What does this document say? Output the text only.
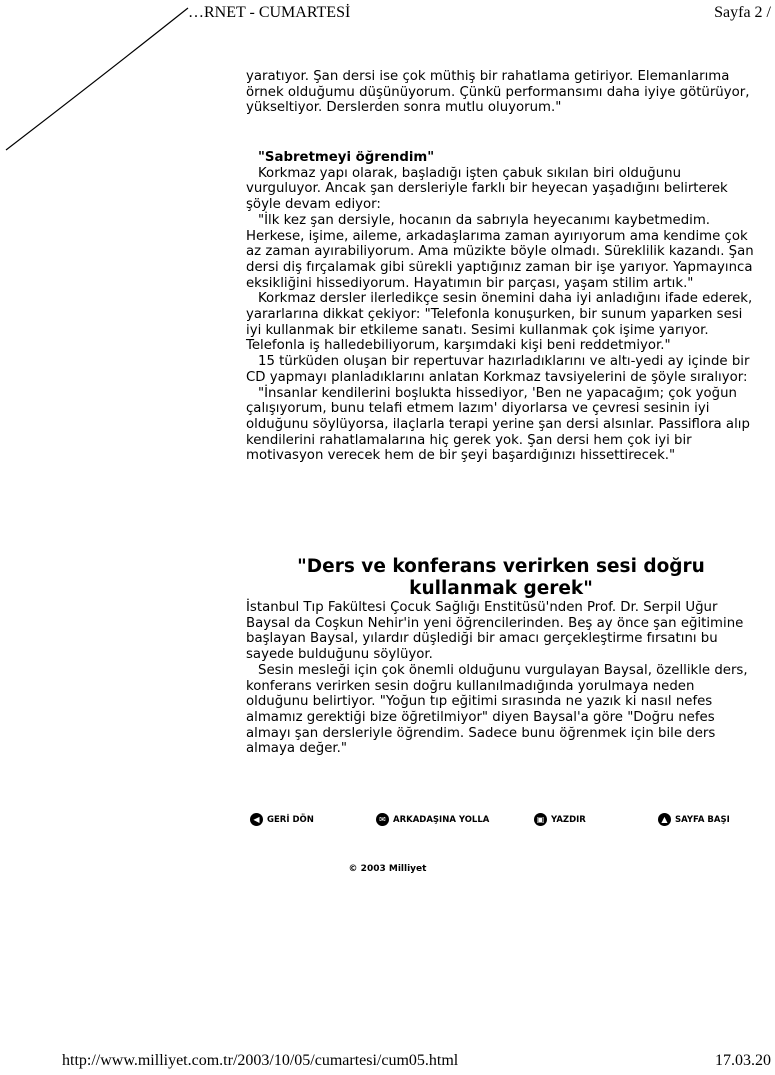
…RNET - CUMARTESİ	Sayfa 2 /

yaratıyor. Şan dersi ise çok müthiş bir rahatlama getiriyor. Elemanlarıma örnek olduğumu düşünüyorum. Çünkü performansımı daha iyiye götürüyor, yükseltiyor. Derslerden sonra mutlu oluyorum."

"Sabretmeyi öğrendim"

Korkmaz yapı olarak, başladığı işten çabuk sıkılan biri olduğunu vurguluyor. Ancak şan dersleriyle farklı bir heyecan yaşadığını belirterek şöyle devam ediyor:

"İlk kez şan dersiyle, hocanın da sabrıyla heyecanımı kaybetmedim. Herkese, işime, aileme, arkadaşlarıma zaman ayırıyorum ama kendime çok az zaman ayırabiliyorum. Ama müzikte böyle olmadı. Süreklilik kazandı. Şan dersi diş fırçalamak gibi sürekli yaptığınız zaman bir işe yarıyor. Yapmayınca eksikliğini hissediyorum. Hayatımın bir parçası, yaşam stilim artık."

Korkmaz dersler ilerledikçe sesin önemini daha iyi anladığını ifade ederek, yararlarına dikkat çekiyor: "Telefonla konuşurken, bir sunum yaparken sesi iyi kullanmak bir etkileme sanatı. Sesimi kullanmak çok işime yarıyor. Telefonla iş halledebiliyorum, karşımdaki kişi beni reddetmiyor."

15 türküden oluşan bir repertuvar hazırladıklarını ve altı-yedi ay içinde bir CD yapmayı planladıklarını anlatan Korkmaz tavsiyelerini de şöyle sıralıyor:

"İnsanlar kendilerini boşlukta hissediyor, 'Ben ne yapacağım; çok yoğun çalışıyorum, bunu telafi etmem lazım' diyorlarsa ve çevresi sesinin iyi olduğunu söylüyorsa, ilaçlarla terapi yerine şan dersi alsınlar. Passiflora alıp kendilerini rahatlamalarına hiç gerek yok. Şan dersi hem çok iyi bir motivasyon verecek hem de bir şeyi başardığınızı hissettirecek."

"Ders ve konferans verirken sesi doğru kullanmak gerek"

İstanbul Tıp Fakültesi Çocuk Sağlığı Enstitüsü'nden Prof. Dr. Serpil Uğur Baysal da Coşkun Nehir'in yeni öğrencilerinden. Beş ay önce şan eğitimine başlayan Baysal, yılardır düşlediği bir amacı gerçekleştirme fırsatını bu sayede bulduğunu söylüyor.

Sesin mesleği için çok önemli olduğunu vurgulayan Baysal, özellikle ders, konferans verirken sesin doğru kullanılmadığında yorulmaya neden olduğunu belirtiyor. "Yoğun tıp eğitimi sırasında ne yazık ki nasıl nefes almamız gerektiği bize öğretilmiyor" diyen Baysal'a göre "Doğru nefes almayı şan dersleriyle öğrendim. Sadece bunu öğrenmek için bile ders almaya değer."

◀ GERİ DÖN	✉ ARKADAŞINA YOLLA	▣ YAZDIR	▲ SAYFA BAŞI
© 2003 Milliyet
http://www.milliyet.com.tr/2003/10/05/cumartesi/cum05.html	17.03.20
